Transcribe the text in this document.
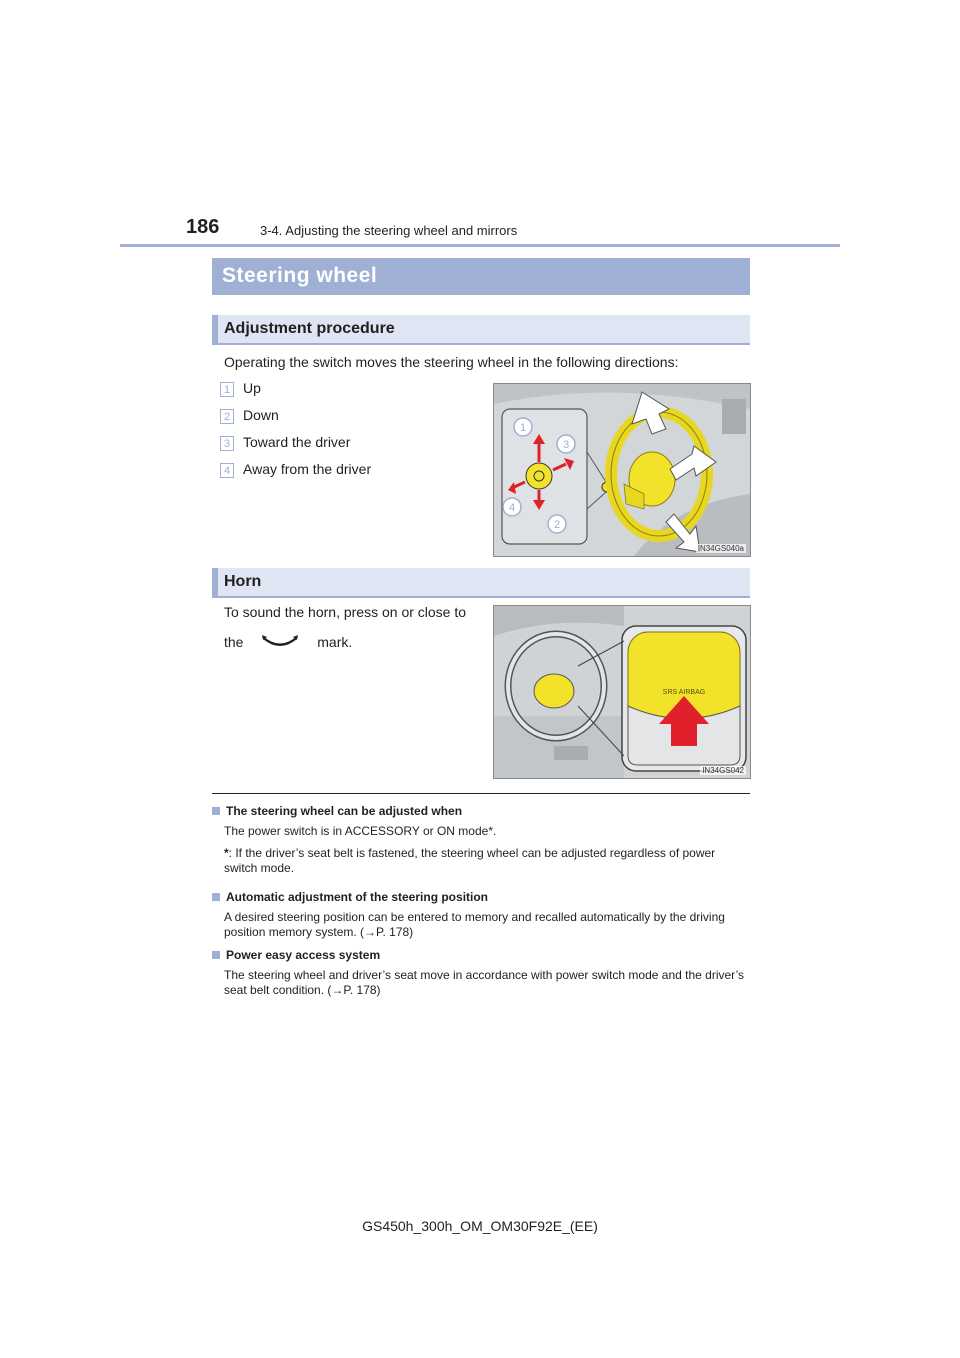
186	3-4. Adjusting the steering wheel and mirrors
Steering wheel
Adjustment procedure
Operating the switch moves the steering wheel in the following directions:
1 Up
2 Down
3 Toward the driver
4 Away from the driver
1
3
4
2
IN34GS040a
Horn
To sound the horn, press on or close to
the	mark.
SRS AIRBAG
IN34GS042
The steering wheel can be adjusted when
The power switch is in ACCESSORY or ON mode*.
*: If the driver’s seat belt is fastened, the steering wheel can be adjusted regardless of power switch mode.
Automatic adjustment of the steering position
A desired steering position can be entered to memory and recalled automatically by the driving position memory system. (→P. 178)
Power easy access system
The steering wheel and driver’s seat move in accordance with power switch mode and the driver’s seat belt condition. (→P. 178)
GS450h_300h_OM_OM30F92E_(EE)
